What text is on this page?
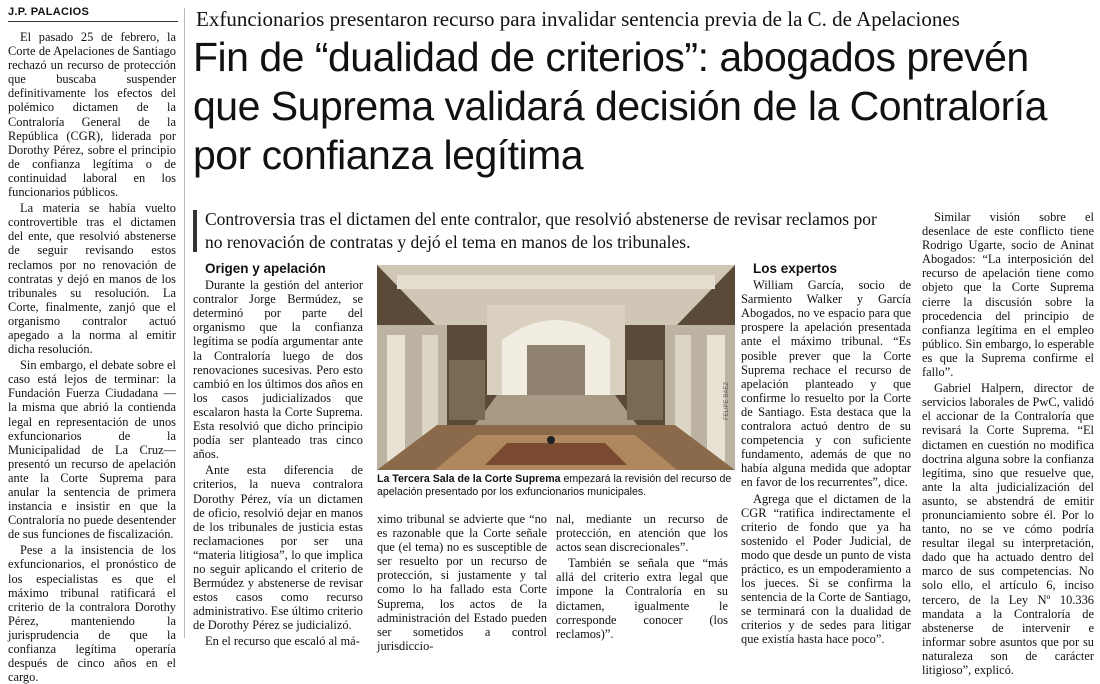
J.P. PALACIOS

El pasado 25 de febrero, la Corte de Apelaciones de Santiago rechazó un recurso de protección que buscaba suspender definitivamente los efectos del polémico dictamen de la Contraloría General de la República (CGR), liderada por Dorothy Pérez, sobre el principio de confianza legítima o de continuidad laboral en los funcionarios públicos.

La materia se había vuelto controvertible tras el dictamen del ente, que resolvió abstenerse de seguir revisando estos reclamos por no renovación de contratas y dejó en manos de los tribunales su resolución. La Corte, finalmente, zanjó que el organismo contralor actuó apegado a la norma al emitir dicha resolución.

Sin embargo, el debate sobre el caso está lejos de terminar: la Fundación Fuerza Ciudadana —la misma que abrió la contienda legal en representación de unos exfuncionarios de la Municipalidad de La Cruz— presentó un recurso de apelación ante la Corte Suprema para anular la sentencia de primera instancia e insistir en que la Contraloría no puede desentender de sus funciones de fiscalización.

Pese a la insistencia de los exfuncionarios, el pronóstico de los especialistas es que el máximo tribunal ratificará el criterio de la contralora Dorothy Pérez, manteniendo la jurisprudencia de que la confianza legítima operaría después de cinco años en el cargo.

Exfuncionarios presentaron recurso para invalidar sentencia previa de la C. de Apelaciones
Fin de “dualidad de criterios”: abogados prevén que Suprema validará decisión de la Contraloría por confianza legítima
Controversia tras el dictamen del ente contralor, que resolvió abstenerse de revisar reclamos por no renovación de contratas y dejó el tema en manos de los tribunales.

Origen y apelación

Durante la gestión del anterior contralor Jorge Bermúdez, se determinó por parte del organismo que la confianza legítima se podía argumentar ante la Contraloría luego de dos renovaciones sucesivas. Pero esto cambió en los últimos dos años en los casos judicializados que escalaron hasta la Corte Suprema. Esta resolvió que dicho principio podía ser planteado tras cinco años.

Ante esta diferencia de criterios, la nueva contralora Dorothy Pérez, vía un dictamen de oficio, resolvió dejar en manos de los tribunales de justicia estas reclamaciones por ser una “materia litigiosa”, lo que implica no seguir aplicando el criterio de Bermúdez y abstenerse de revisar estos casos como recurso administrativo. Ese último criterio de Dorothy Pérez se judicializó.

En el recurso que escaló al má-

FELIPE BAEZ
La Tercera Sala de la Corte Suprema empezará la revisión del recurso de apelación presentado por los exfuncionarios municipales.

ximo tribunal se advierte que “no es razonable que la Corte señale que (el tema) no es susceptible de ser resuelto por un recurso de protección, si justamente y tal como lo ha fallado esta Corte Suprema, los actos de la administración del Estado pueden ser sometidos a control jurisdiccio-

nal, mediante un recurso de protección, en atención que los actos sean discrecionales”.

También se señala que “más allá del criterio extra legal que impone la Contraloría en su dictamen, igualmente le corresponde conocer (los reclamos)”.

Los expertos

William García, socio de Sarmiento Walker y García Abogados, no ve espacio para que prospere la apelación presentada ante el máximo tribunal. “Es posible prever que la Corte Suprema rechace el recurso de apelación planteado y que confirme lo resuelto por la Corte de Santiago. Esta destaca que la contralora actuó dentro de su competencia y con suficiente fundamento, además de que no había alguna medida que adoptar en favor de los recurrentes”, dice.

Agrega que el dictamen de la CGR “ratifica indirectamente el criterio de fondo que ya ha sostenido el Poder Judicial, de modo que desde un punto de vista práctico, es un empoderamiento a los jueces. Si se confirma la sentencia de la Corte de Santiago, se terminará con la dualidad de criterios y de sedes para litigar que existía hasta hace poco”.

Similar visión sobre el desenlace de este conflicto tiene Rodrigo Ugarte, socio de Aninat Abogados: “La interposición del recurso de apelación tiene como objeto que la Corte Suprema cierre la discusión sobre la procedencia del principio de confianza legítima en el empleo público. Sin embargo, lo esperable es que la Suprema confirme el fallo”.

Gabriel Halpern, director de servicios laborales de PwC, validó el accionar de la Contraloría que revisará la Corte Suprema. “El dictamen en cuestión no modifica doctrina alguna sobre la confianza legítima, sino que resuelve que, ante la alta judicialización del asunto, se abstendrá de emitir pronunciamiento sobre él. Por lo tanto, no se ve cómo podría resultar ilegal su interpretación, dado que ha actuado dentro del marco de sus competencias. No solo ello, el artículo 6, inciso tercero, de la Ley Nº 10.336 mandata a la Contraloría de abstenerse de intervenir e informar sobre asuntos que por su naturaleza son de carácter litigioso”, explicó.
